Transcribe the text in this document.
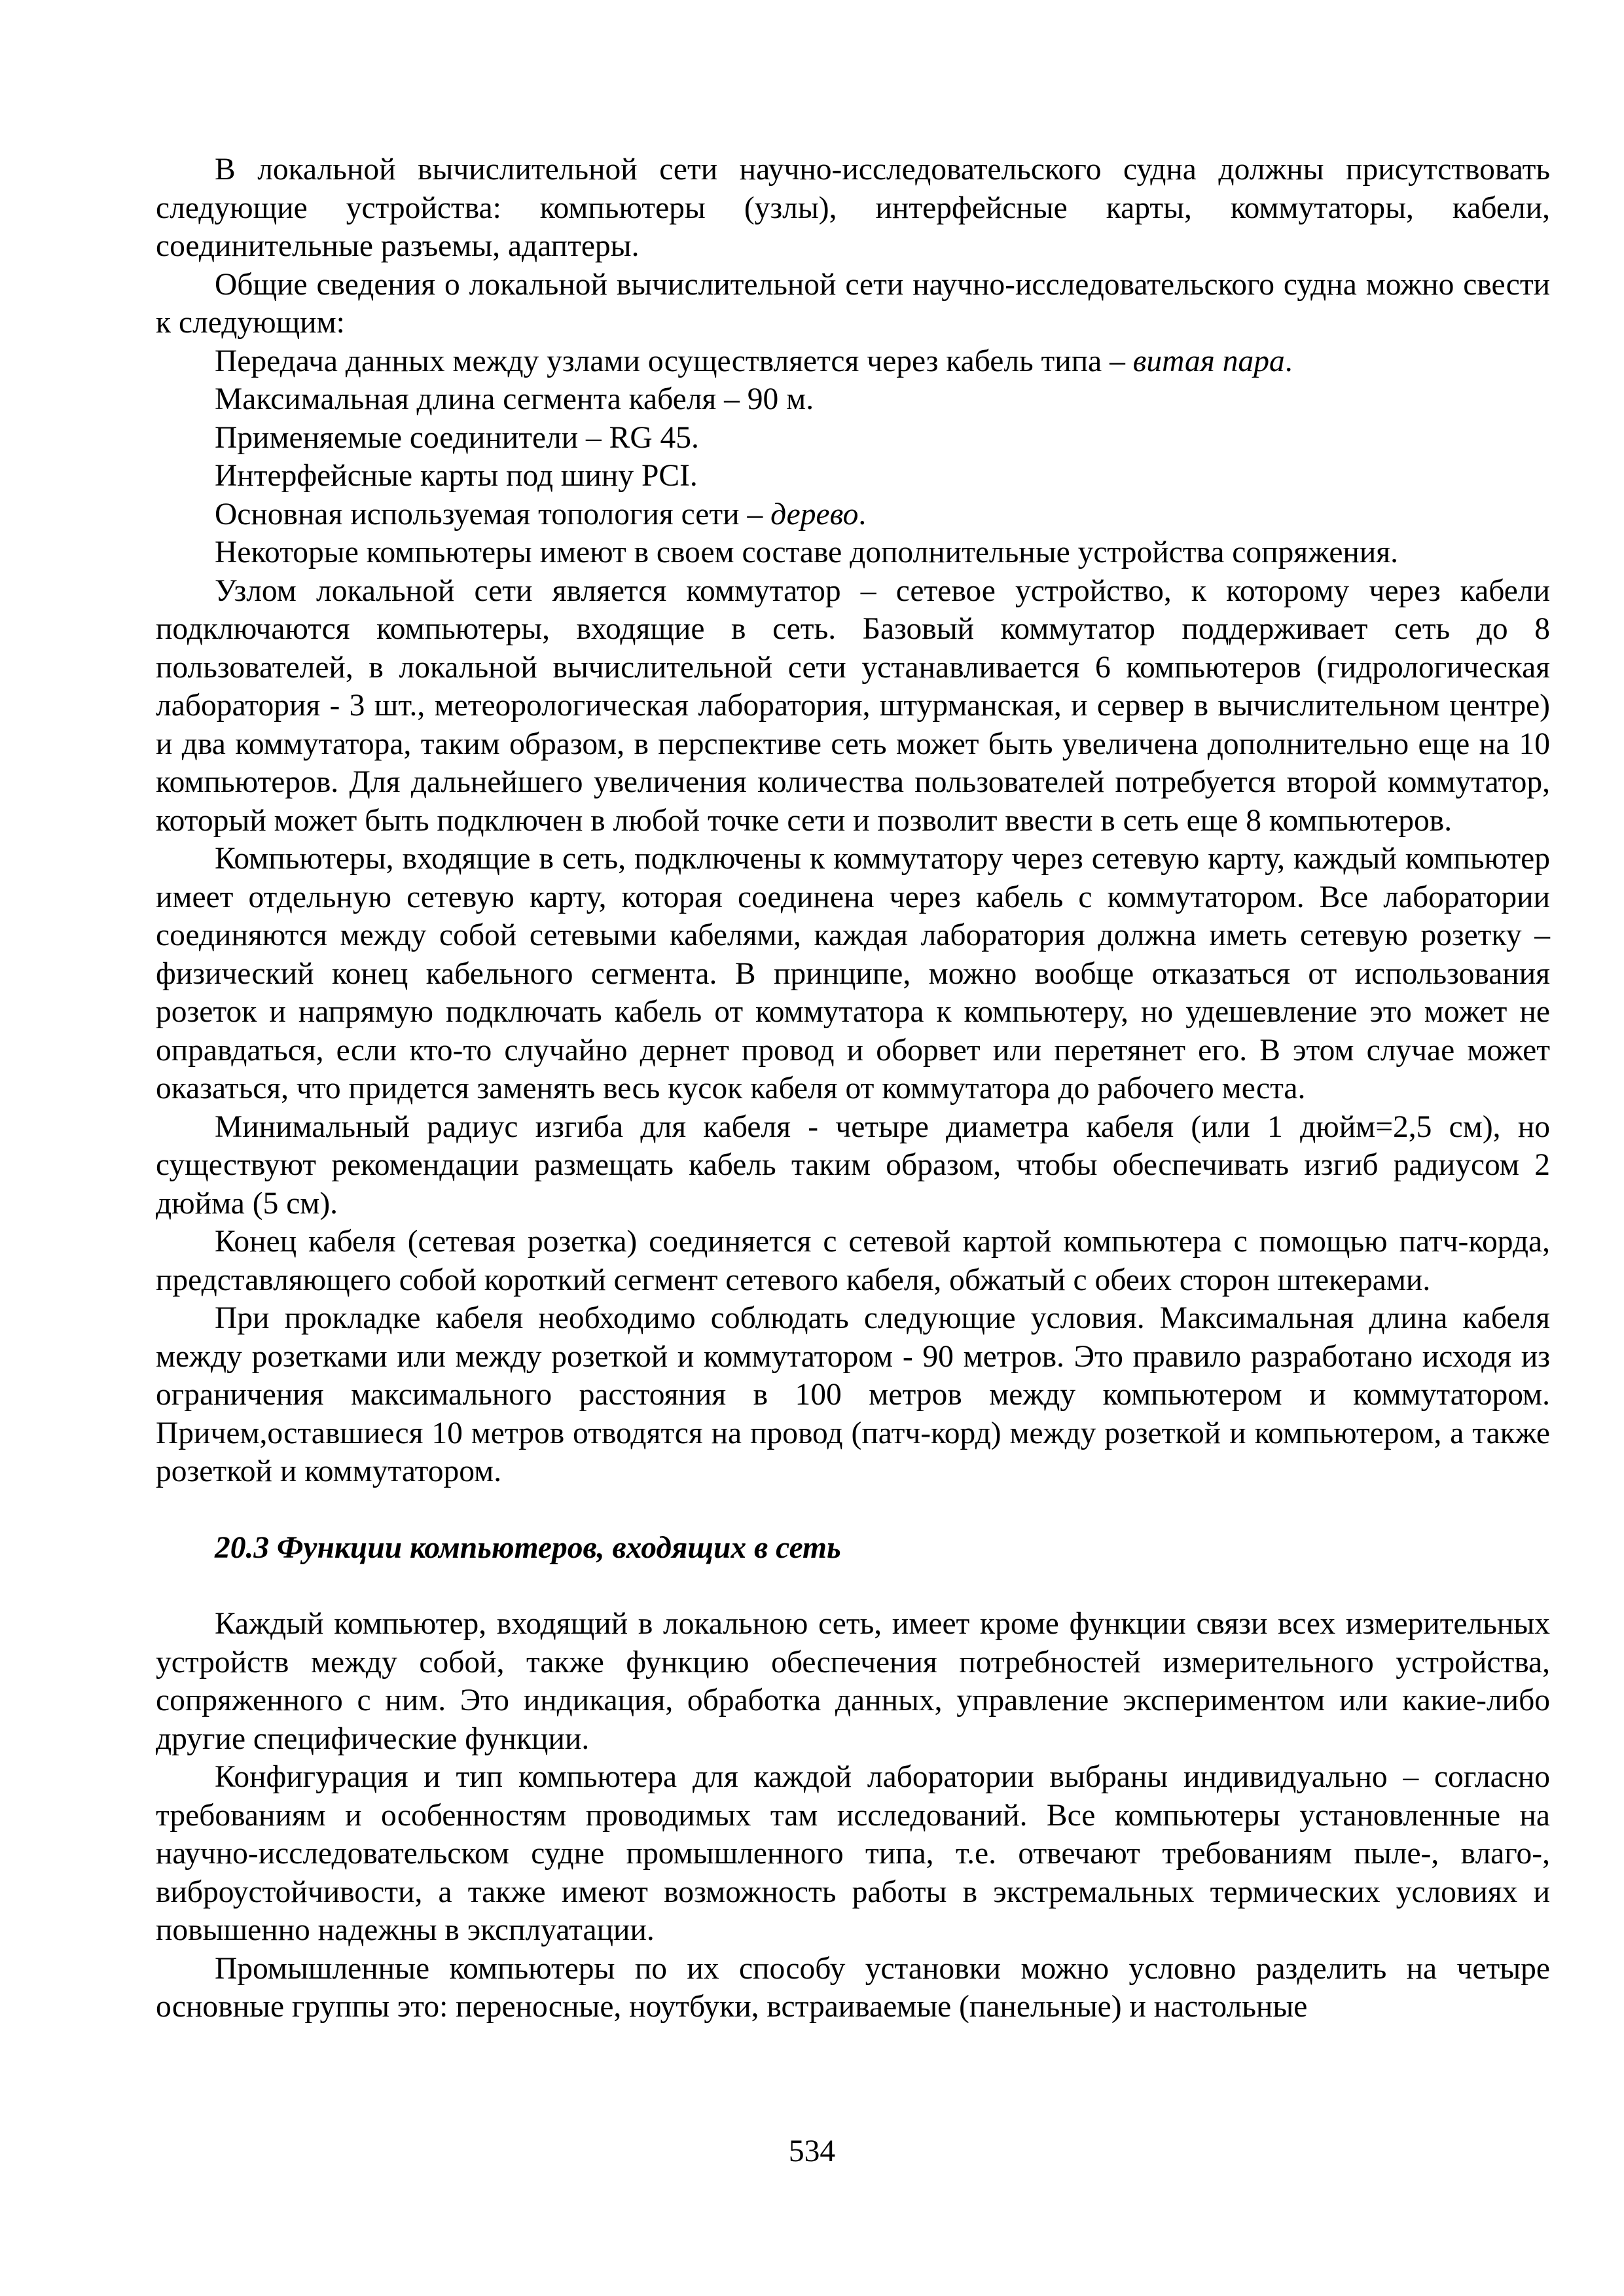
В локальной вычислительной сети научно-исследовательского судна должны присутствовать следующие устройства: компьютеры (узлы), интерфейсные карты, коммутаторы, кабели, соединительные разъемы, адаптеры.

Общие сведения о локальной вычислительной сети научно-исследовательского судна можно свести к следующим:

Передача данных между узлами осуществляется через кабель типа – витая пара.

Максимальная длина сегмента кабеля – 90 м.

Применяемые соединители – RG 45.

Интерфейсные карты под шину PCI.

Основная используемая топология сети – дерево.

Некоторые компьютеры имеют в своем составе дополнительные устройства сопряжения.

Узлом локальной сети является коммутатор – сетевое устройство, к которому через кабели подключаются компьютеры, входящие в сеть. Базовый коммутатор поддерживает сеть до 8 пользователей, в локальной вычислительной сети устанавливается 6 компьютеров (гидрологическая лаборатория - 3 шт., метеорологическая лаборатория, штурманская, и сервер в вычислительном центре) и два коммутатора, таким образом, в перспективе сеть может быть увеличена дополнительно еще на 10 компьютеров. Для дальнейшего увеличения количества пользователей потребуется второй коммутатор, который может быть подключен в любой точке сети и позволит ввести в сеть еще 8 компьютеров.

Компьютеры, входящие в сеть, подключены к коммутатору через сетевую карту, каждый компьютер имеет отдельную сетевую карту, которая соединена через кабель с коммутатором. Все лаборатории соединяются между собой сетевыми кабелями, каждая лаборатория должна иметь сетевую розетку – физический конец кабельного сегмента. В принципе, можно вообще отказаться от использования розеток и напрямую подключать кабель от коммутатора к компьютеру, но удешевление это может не оправдаться, если кто-то случайно дернет провод и оборвет или перетянет его. В этом случае может оказаться, что придется заменять весь кусок кабеля от коммутатора до рабочего места.

Минимальный радиус изгиба для кабеля - четыре диаметра кабеля (или 1 дюйм=2,5 см), но существуют рекомендации размещать кабель таким образом, чтобы обеспечивать изгиб радиусом 2 дюйма (5 см).

Конец кабеля (сетевая розетка) соединяется с сетевой картой компьютера с помощью патч-корда, представляющего собой короткий сегмент сетевого кабеля, обжатый с обеих сторон штекерами.

При прокладке кабеля необходимо соблюдать следующие условия. Максимальная длина кабеля между розетками или между розеткой и коммутатором - 90 метров. Это правило разработано исходя из ограничения максимального расстояния в 100 метров между компьютером и коммутатором. Причем,оставшиеся 10 метров отводятся на провод (патч-корд) между розеткой и компьютером, а также розеткой и коммутатором.

20.3 Функции компьютеров, входящих в сеть

Каждый компьютер, входящий в локальною сеть, имеет кроме функции связи всех измерительных устройств между собой, также функцию обеспечения потребностей измерительного устройства, сопряженного с ним. Это индикация, обработка данных, управление экспериментом или какие-либо другие специфические функции.

Конфигурация и тип компьютера для каждой лаборатории выбраны индивидуально – согласно требованиям и особенностям проводимых там исследований. Все компьютеры установленные на научно-исследовательском судне промышленного типа, т.е. отвечают требованиям пыле-, влаго-, виброустойчивости, а также имеют возможность работы в экстремальных термических условиях и повышенно надежны в эксплуатации.

Промышленные компьютеры по их способу установки можно условно разделить на четыре основные группы это: переносные, ноутбуки, встраиваемые (панельные) и настольные

534
